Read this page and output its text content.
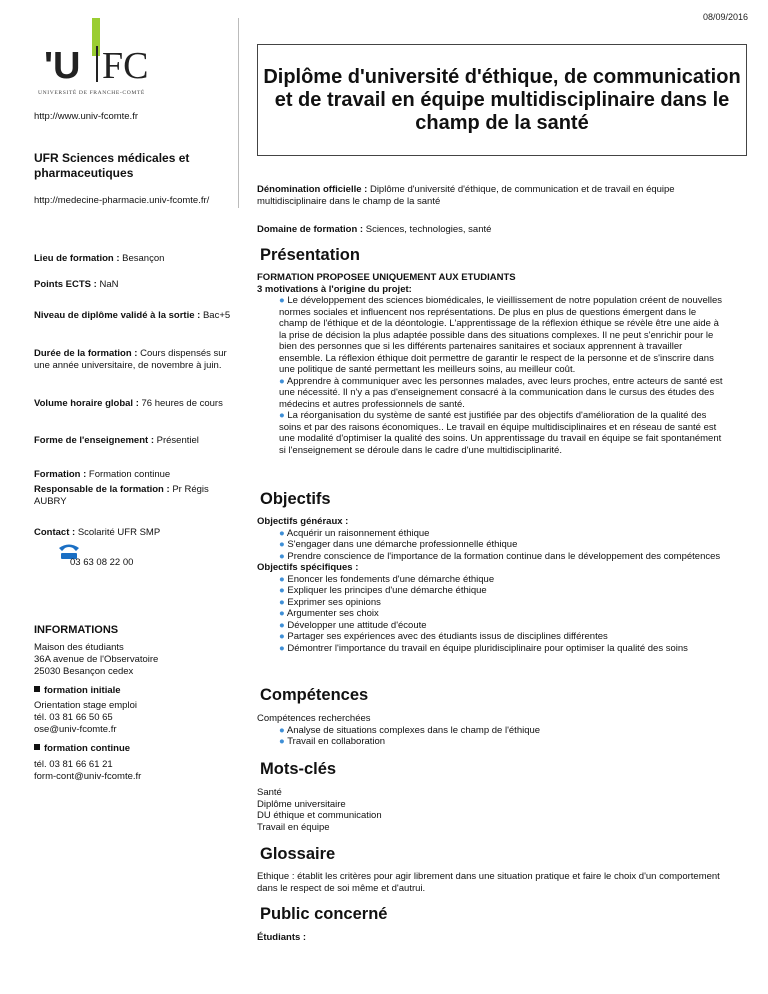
08/09/2016
BESANÇON
'U FC
UNIVERSITÉ DE FRANCHE-COMTÉ
http://www.univ-fcomte.fr
Diplôme d'université d'éthique, de communication et de travail en équipe multidisciplinaire dans le champ de la santé
UFR Sciences médicales et pharmaceutiques
http://medecine-pharmacie.univ-fcomte.fr/
Dénomination officielle : Diplôme d'université d'éthique, de communication et de travail en équipe multidisciplinaire dans le champ de la santé
Domaine de formation : Sciences, technologies, santé
Lieu de formation : Besançon
Points ECTS : NaN
Niveau de diplôme validé à la sortie : Bac+5
Durée de la formation : Cours dispensés sur une année universitaire, de novembre à juin.
Volume horaire global : 76 heures de cours
Forme de l'enseignement : Présentiel
Formation : Formation continue
Responsable de la formation : Pr Régis AUBRY
Contact : Scolarité UFR SMP
03 63 08 22 00
INFORMATIONS
Maison des étudiants
36A avenue de l'Observatoire
25030 Besançon cedex
formation initiale
Orientation stage emploi
tél. 03 81 66 50 65
ose@univ-fcomte.fr
formation continue
tél. 03 81 66 61 21
form-cont@univ-fcomte.fr
Présentation
FORMATION PROPOSEE UNIQUEMENT AUX ETUDIANTS
3 motivations à l'origine du projet:
● Le développement des sciences biomédicales, le vieillissement de notre population créent de nouvelles normes sociales et influencent nos représentations. De plus en plus de questions émergent dans le champ de l'éthique et de la déontologie. L'apprentissage de la réflexion éthique se révèle être une aide à la prise de décision la plus adaptée possible dans des situations complexes. Il ne peut s'enrichir pour le bien des personnes que si les différents partenaires sanitaires et sociaux apprennent à travailler ensemble. La réflexion éthique doit permettre de garantir le respect de la personne et de s'inscrire dans une politique de santé permettant les meilleurs soins, au meilleur coût.
● Apprendre à communiquer avec les personnes malades, avec leurs proches, entre acteurs de santé est une nécessité. Il n'y a pas d'enseignement consacré à la communication dans le cursus des études des médecins et autres professionnels de santé.
● La réorganisation du système de santé est justifiée par des objectifs d'amélioration de la qualité des soins et par des raisons économiques.. Le travail en équipe multidisciplinaires et en réseau de santé est une modalité d'optimiser la qualité des soins. Un apprentissage du travail en équipe se fait spontanément si l'enseignement se déroule dans le cadre d'une multidisciplinarité.
Objectifs
Objectifs généraux :
● Acquérir un raisonnement éthique
● S'engager dans une démarche professionnelle éthique
● Prendre conscience de l'importance de la formation continue dans le développement des compétences
Objectifs spécifiques :
● Enoncer les fondements d'une démarche éthique
● Expliquer les principes d'une démarche éthique
● Exprimer ses opinions
● Argumenter ses choix
● Développer une attitude d'écoute
● Partager ses expériences avec des étudiants issus de disciplines différentes
● Démontrer l'importance du travail en équipe pluridisciplinaire pour optimiser la qualité des soins
Compétences
Compétences recherchées
● Analyse de situations complexes dans le champ de l'éthique
● Travail en collaboration
Mots-clés
Santé
Diplôme universitaire
DU éthique et communication
Travail en équipe
Glossaire
Ethique : établit les critères pour agir librement dans une situation pratique et faire le choix d'un comportement dans le respect de soi même et d'autrui.
Public concerné
Étudiants :
